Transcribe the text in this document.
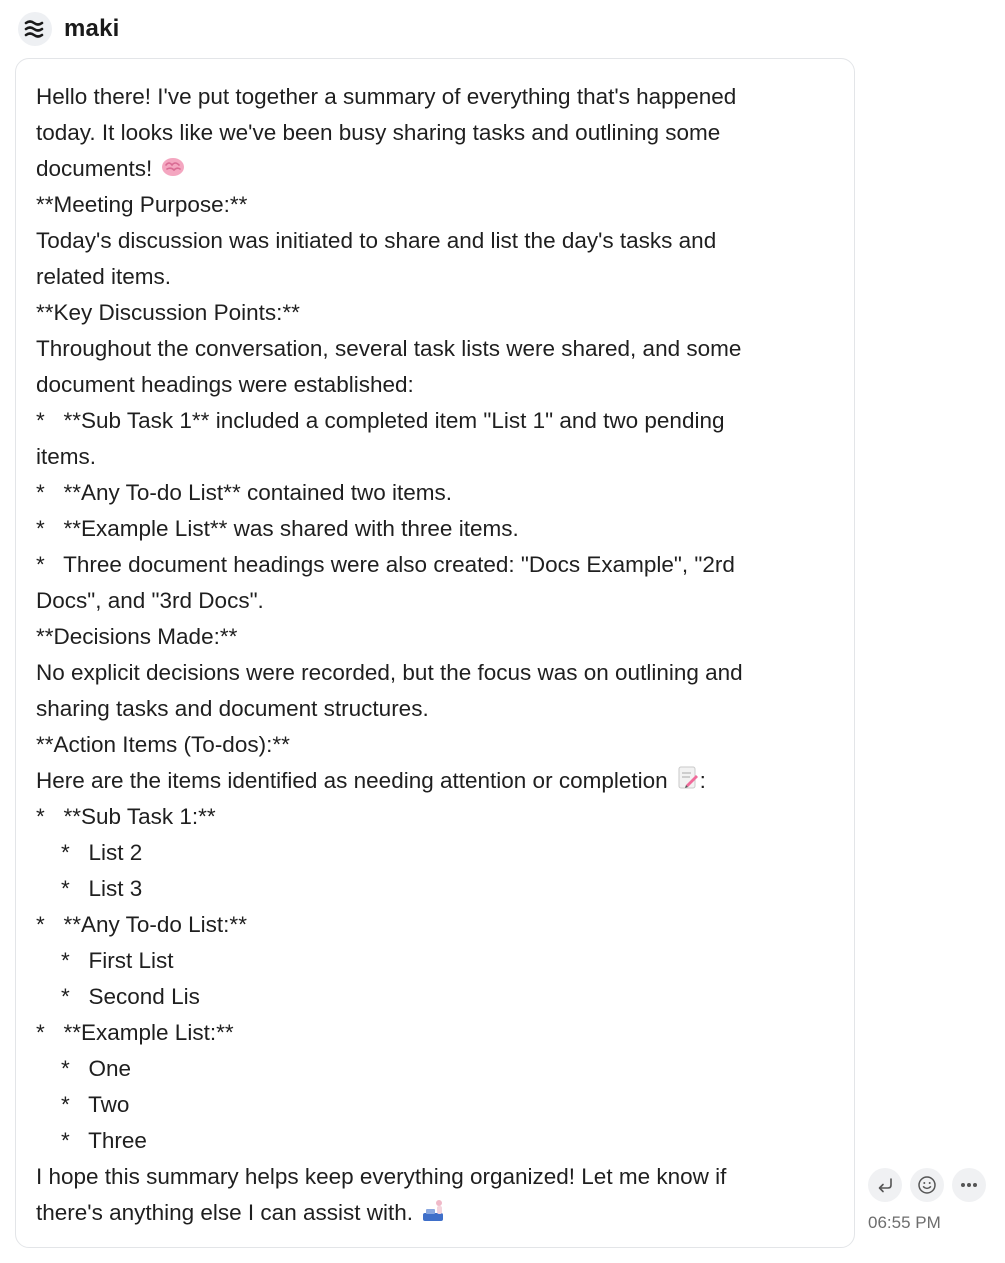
maki
Hello there! I've put together a summary of everything that's happened
today. It looks like we've been busy sharing tasks and outlining some
documents!
**Meeting Purpose:**
Today's discussion was initiated to share and list the day's tasks and
related items.
**Key Discussion Points:**
Throughout the conversation, several task lists were shared, and some
document headings were established:
*   **Sub Task 1** included a completed item "List 1" and two pending
items.
*   **Any To-do List** contained two items.
*   **Example List** was shared with three items.
*   Three document headings were also created: "Docs Example", "2rd
Docs", and "3rd Docs".
**Decisions Made:**
No explicit decisions were recorded, but the focus was on outlining and
sharing tasks and document structures.
**Action Items (To-dos):**
Here are the items identified as needing attention or completion :
*   **Sub Task 1:**
*   List 2
*   List 3
*   **Any To-do List:**
*   First List
*   Second Lis
*   **Example List:**
*   One
*   Two
*   Three
I hope this summary helps keep everything organized! Let me know if
there's anything else I can assist with.	06:55 PM
